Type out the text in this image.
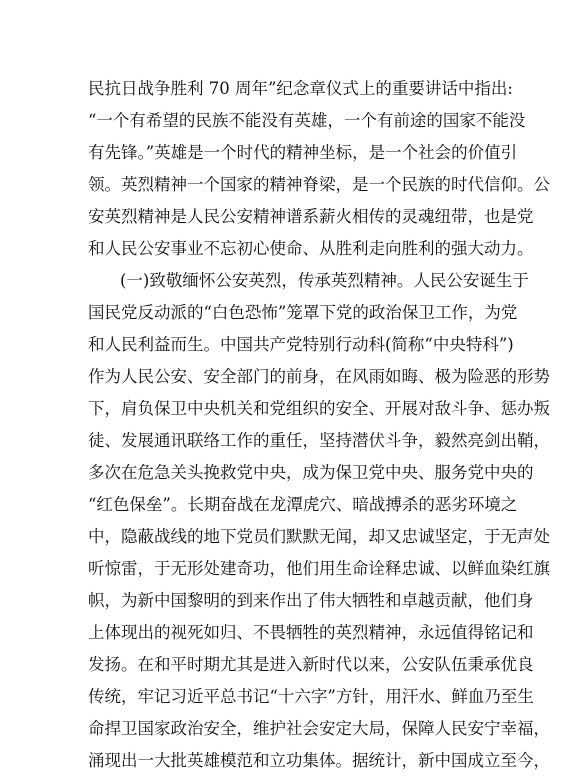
民抗日战争胜利 70 周年”纪念章仪式上的重要讲话中指出:
“一个有希望的民族不能没有英雄，一个有前途的国家不能没
有先锋。”英雄是一个时代的精神坐标，是一个社会的价值引
领。英烈精神一个国家的精神脊梁，是一个民族的时代信仰。公
安英烈精神是人民公安精神谱系薪火相传的灵魂纽带，也是党
和人民公安事业不忘初心使命、从胜利走向胜利的强大动力。
(一)致敬缅怀公安英烈，传承英烈精神。人民公安诞生于
国民党反动派的“白色恐怖”笼罩下党的政治保卫工作，为党
和人民利益而生。中国共产党特别行动科(简称“中央特科”)
作为人民公安、安全部门的前身，在风雨如晦、极为险恶的形势
下，肩负保卫中央机关和党组织的安全、开展对敌斗争、惩办叛
徒、发展通讯联络工作的重任，坚持潜伏斗争，毅然亮剑出鞘，
多次在危急关头挽救党中央，成为保卫党中央、服务党中央的
“红色保垒”。长期奋战在龙潭虎穴、暗战搏杀的恶劣环境之
中，隐蔽战线的地下党员们默默无闻，却又忠诚坚定，于无声处
听惊雷，于无形处建奇功，他们用生命诠释忠诚、以鲜血染红旗
帜，为新中国黎明的到来作出了伟大牺牲和卓越贡献，他们身
上体现出的视死如归、不畏牺牲的英烈精神，永远值得铭记和
发扬。在和平时期尤其是进入新时代以来，公安队伍秉承优良
传统，牢记习近平总书记“十六字”方针，用汗水、鲜血乃至生
命捍卫国家政治安全，维护社会安定大局，保障人民安宁幸福，
涌现出一大批英雄模范和立功集体。据统计，新中国成立至今，
